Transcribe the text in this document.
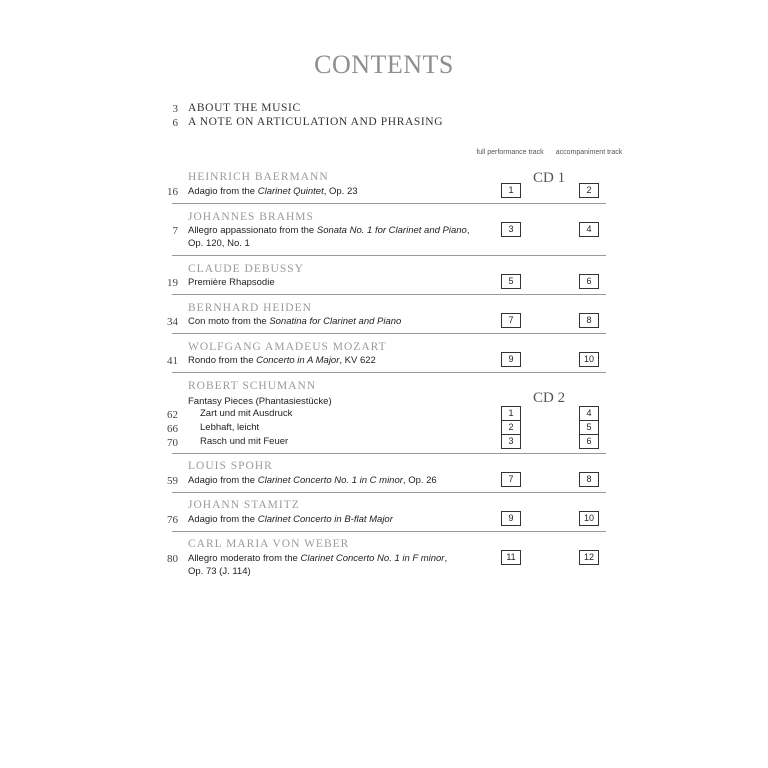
CONTENTS
3 ABOUT THE MUSIC
6 A NOTE ON ARTICULATION AND PHRASING
full performance track	accompaniment track
CD 1
CD 2
HEINRICH BAERMANN
16 Adagio from the Clarinet Quintet, Op. 23	1	2
JOHANNES BRAHMS
7 Allegro appassionato from the Sonata No. 1 for Clarinet and Piano,
Op. 120, No. 1
3	4
CLAUDE DEBUSSY
19 Première Rhapsodie	5	6
BERNHARD HEIDEN
34 Con moto from the Sonatina for Clarinet and Piano	7	8
WOLFGANG AMADEUS MOZART
41 Rondo from the Concerto in A Major, KV 622	9	10
ROBERT SCHUMANN
Fantasy Pieces (Phantasiestücke)
62 Zart und mit Ausdruck	1	4
66 Lebhaft, leicht	2	5
70 Rasch und mit Feuer	3	6
LOUIS SPOHR
59 Adagio from the Clarinet Concerto No. 1 in C minor, Op. 26	7	8
JOHANN STAMITZ
76 Adagio from the Clarinet Concerto in B-flat Major	9	10
CARL MARIA VON WEBER
80 Allegro moderato from the Clarinet Concerto No. 1 in F minor,
Op. 73 (J. 114)
11	12
